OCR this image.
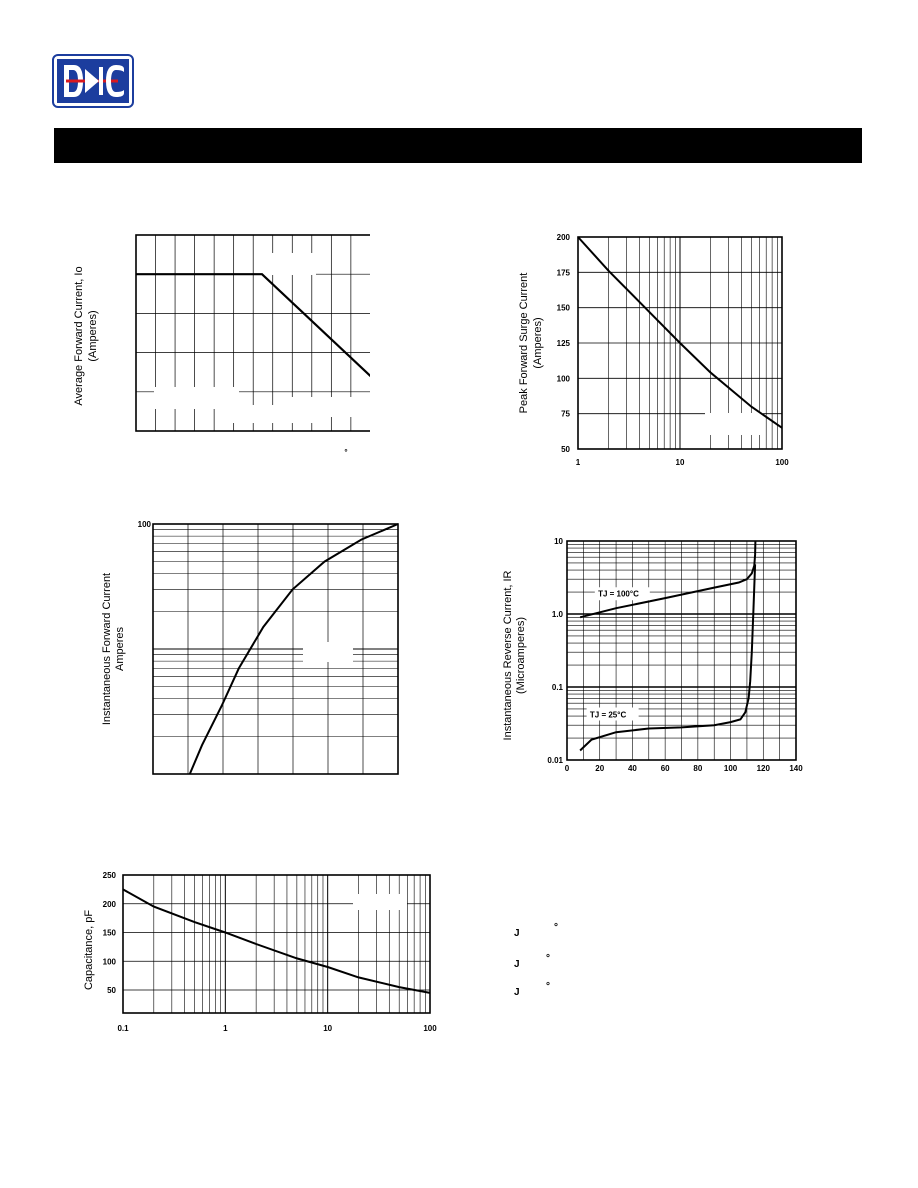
Average Forward Current, Io (Amperes)
°
200
175
150
125
100
75
50
1	10	100
Peak Forward Surge Current (Amperes)
100
Instantaneous Forward Current Amperes
TJ = 100°C
TJ = 25°C
10
1.0
0.1
0.01
0	20	40	60	80	100 120 140
Instantaneous Reverse Current, IR (Microamperes)
250
200
150
100
50
0.1	1	10	100
Capacitance, pF	J
°
J
°
J
°
